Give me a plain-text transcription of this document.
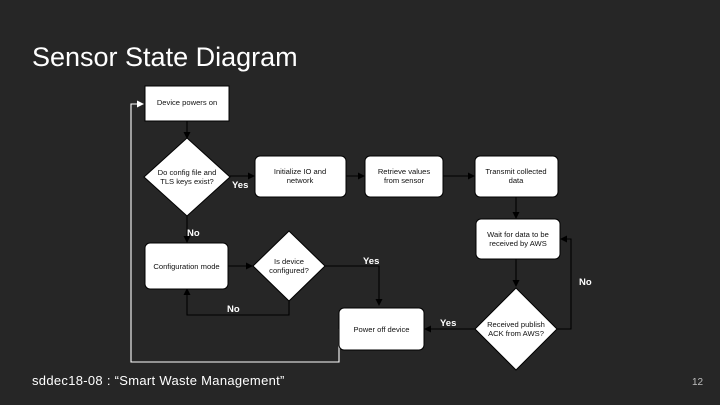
Sensor State Diagram
Device powers on
Do config file and
TLS keys exist?
Initialize IO and
network
Retrieve values
from sensor
Transmit collected
data
Wait for data to be
received by AWS
Configuration mode
Is device
configured?
Power off device
Received publish
ACK from AWS?
Yes
No
Yes
No
Yes
No
sddec18-08 : “Smart Waste Management”	12
